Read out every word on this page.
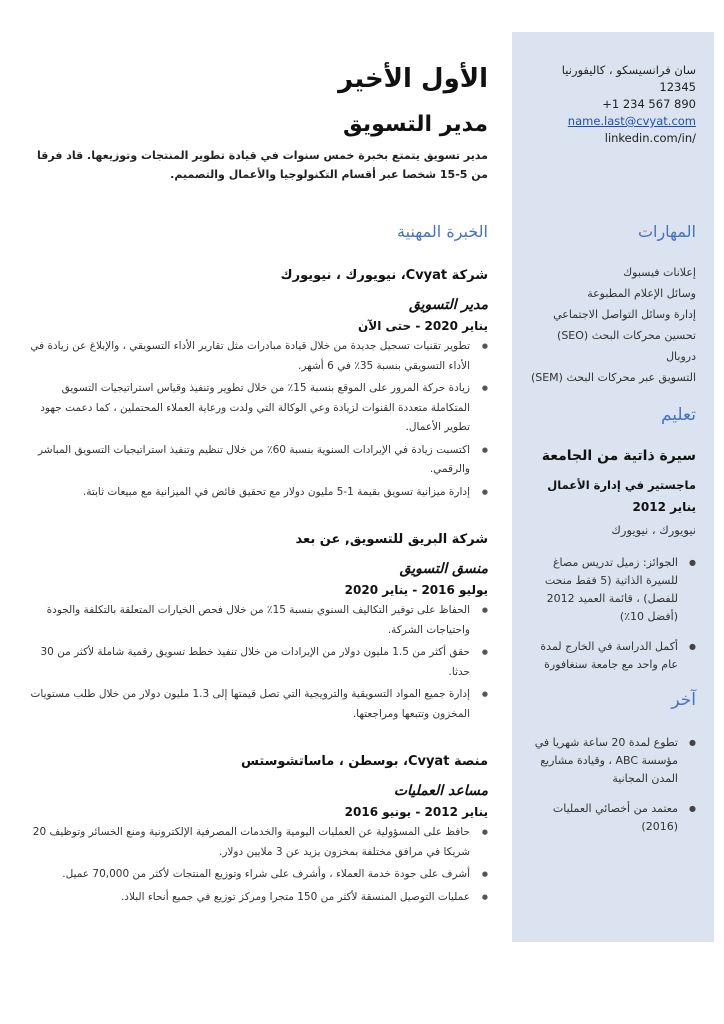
سان فرانسيسكو ، كاليفورنيا 12345
+1 234 567 890
name.last@cvyat.com
linkedin.com/in/
المهارات
إعلانات فيسبوك
وسائل الإعلام المطبوعة
إدارة وسائل التواصل الاجتماعي
تحسين محركات البحث (SEO)
دروبال
التسويق عبر محركات البحث (SEM)
تعليم
سيرة ذاتية من الجامعة
ماجستير في إدارة الأعمال
يناير 2012
نيويورك ، نيويورك
● الجوائز: زميل تدريس مصاغ للسيرة الذاتية (5 فقط منحت للفصل) ، قائمة العميد 2012 (أفضل 10٪)
● أكمل الدراسة في الخارج لمدة عام واحد مع جامعة سنغافورة
آخر
● تطوع لمدة 20 ساعة شهريا في مؤسسة ABC ، وقيادة مشاريع المدن المجانية
● معتمد من أخصائي العمليات (2016)
الأول الأخير
مدير التسويق
مدير تسويق يتمتع بخبرة خمس سنوات في قيادة تطوير المنتجات وتوزيعها. قاد فرقا من 5-15 شخصا عبر أقسام التكنولوجيا والأعمال والتصميم.
الخبرة المهنية
شركة Cvyat، نيويورك ، نيويورك
مدير التسويق
يناير 2020 - حتى الآن
● تطوير تقنيات تسجيل جديدة من خلال قيادة مبادرات مثل تقارير الأداء التسويقي ، والإبلاغ عن زيادة في الأداء التسويقي بنسبة 35٪ في 6 أشهر.
● زيادة حركة المرور على الموقع بنسبة 15٪ من خلال تطوير وتنفيذ وقياس استراتيجيات التسويق المتكاملة متعددة القنوات لزيادة وعي الوكالة التي ولدت ورعاية العملاء المحتملين ، كما دعمت جهود تطوير الأعمال.
● اكتسبت زيادة في الإيرادات السنوية بنسبة 60٪ من خلال تنظيم وتنفيذ استراتيجيات التسويق المباشر والرقمي.
● إدارة ميزانية تسويق بقيمة 1-5 مليون دولار مع تحقيق فائض في الميزانية مع مبيعات ثابتة.
شركة البريق للتسويق, عن بعد
منسق التسويق
يوليو 2016 - يناير 2020
● الحفاظ على توفير التكاليف السنوي بنسبة 15٪ من خلال فحص الخيارات المتعلقة بالتكلفة والجودة واحتياجات الشركة.
● حقق أكثر من 1.5 مليون دولار من الإيرادات من خلال تنفيذ خطط تسويق رقمية شاملة لأكثر من 30 حدثا.
● إدارة جميع المواد التسويقية والترويجية التي تصل قيمتها إلى 1.3 مليون دولار من خلال طلب مستويات المخزون وتتبعها ومراجعتها.
منصة Cvyat، بوسطن ، ماساتشوستس
مساعد العمليات
يناير 2012 - يونيو 2016
● حافظ على المسؤولية عن العمليات اليومية والخدمات المصرفية الإلكترونية ومنع الخسائر وتوظيف 20 شريكا في مرافق مختلفة بمخزون يزيد عن 3 ملايين دولار.
● أشرف على جودة خدمة العملاء ، وأشرف على شراء وتوزيع المنتجات لأكثر من 70,000 عميل.
● عمليات التوصيل المنسقة لأكثر من 150 متجرا ومركز توزيع في جميع أنحاء البلاد.
